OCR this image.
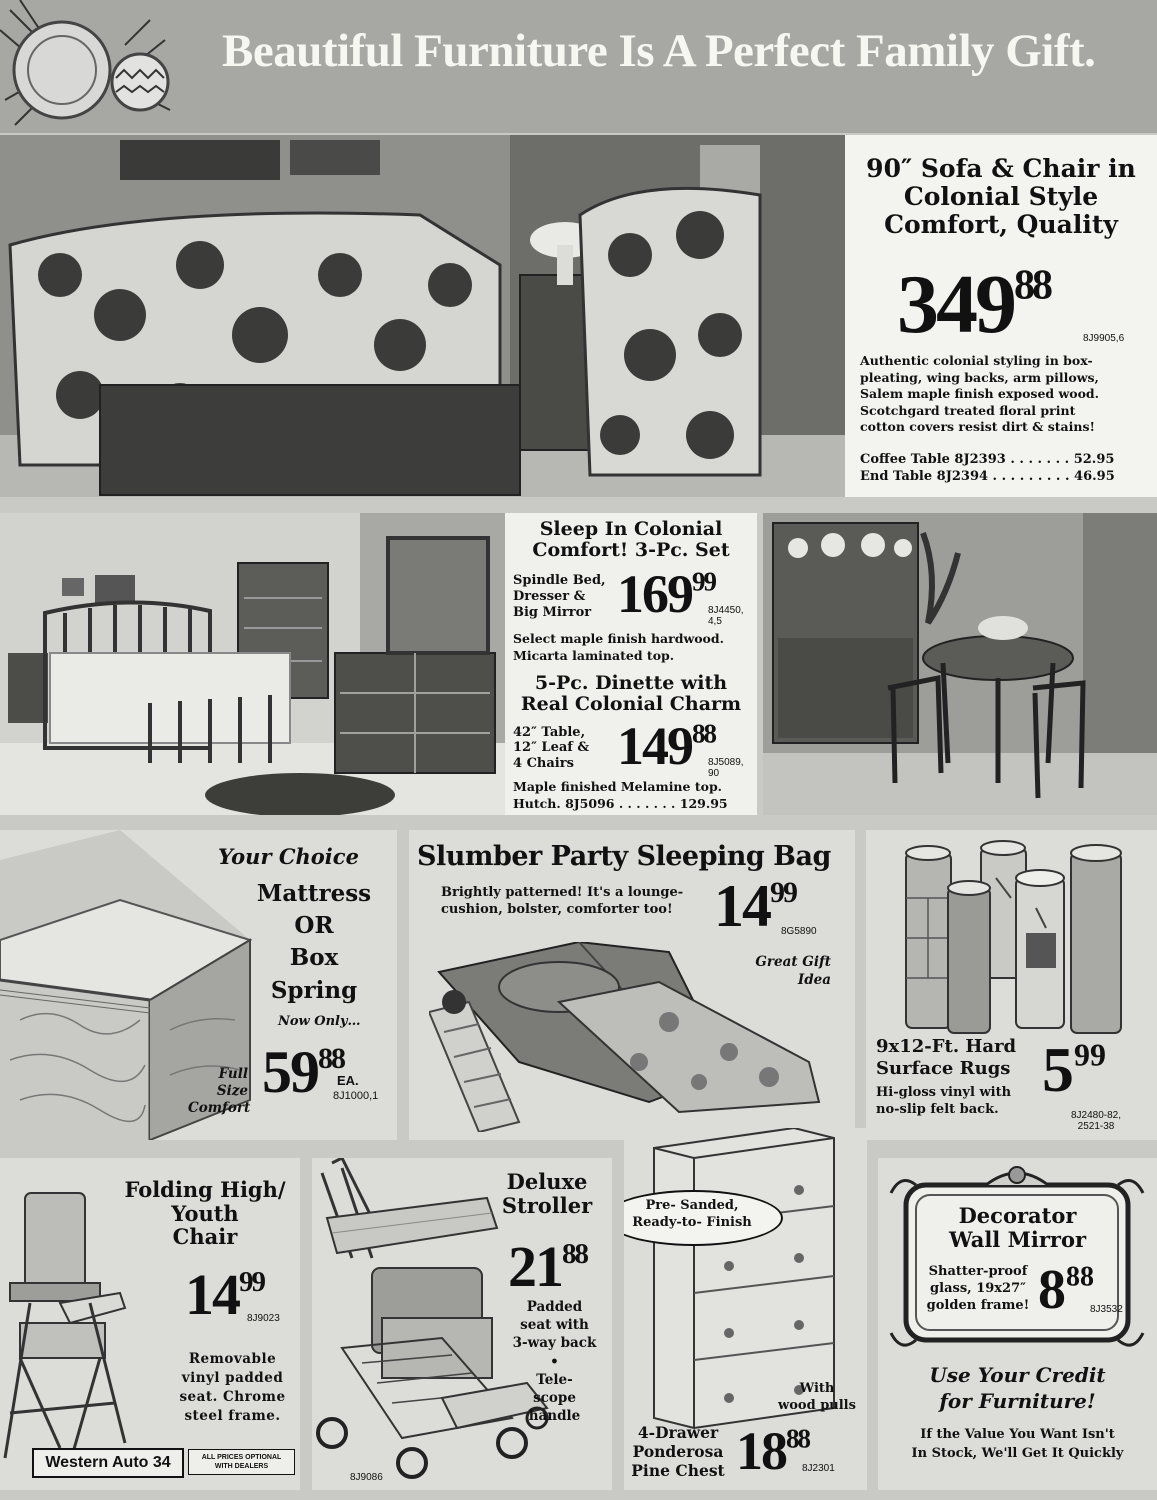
Beautiful Furniture Is A Perfect Family Gift.
90″ Sofa & Chair in
Colonial Style
Comfort, Quality
$349^{88}$
8J9905,6
Authentic colonial styling in box-
pleating, wing backs, arm pillows,
Salem maple finish exposed wood.
Scotchgard treated floral print
cotton covers resist dirt & stains!
Coffee Table 8J2393 . . . . . . . 52.95
End Table 8J2394 . . . . . . . . . 46.95
Sleep In Colonial
Comfort! 3-Pc. Set
Spindle Bed,
Dresser &
Big Mirror $169^{99}$
8J4450,
4,5
Select maple finish hardwood.
Micarta laminated top.
5-Pc. Dinette with
Real Colonial Charm
42″ Table,
12″ Leaf &
4 Chairs $149^{88}$
8J5089,
90
Maple finished Melamine top.
Hutch. 8J5096 . . . . . . . 129.95
Your Choice
Mattress
OR
Box
Spring
Now Only…
Full
Size
Comfort
$59^{88}$
EA.
8J1000,1
Slumber Party Sleeping Bag
Brightly patterned! It's a lounge-
cushion, bolster, comforter too! $14^{99}$
8G5890
Great Gift
Idea
9x12-Ft. Hard
Surface Rugs
Hi-gloss vinyl with
no-slip felt back.
$5^{99}$
8J2480-82,
2521-38
Folding High/
Youth
Chair
$14^{99}$
8J9023
Removable
vinyl padded
seat. Chrome
steel frame.
Western Auto 34	ALL PRICES OPTIONAL
WITH DEALERS
Deluxe
Stroller
$21^{88}$
Padded
seat with
3-way back
•
Tele-
scope
handle
8J9086
Pre- Sanded,
Ready-to- Finish
With
wood pulls
4-Drawer
Ponderosa
Pine Chest $18^{88}$
8J2301
Decorator
Wall Mirror
Shatter-proof
glass, 19x27″
golden frame! $8^{88}$
8J3532
Use Your Credit
for Furniture!
If the Value You Want Isn't
In Stock, We'll Get It Quickly
